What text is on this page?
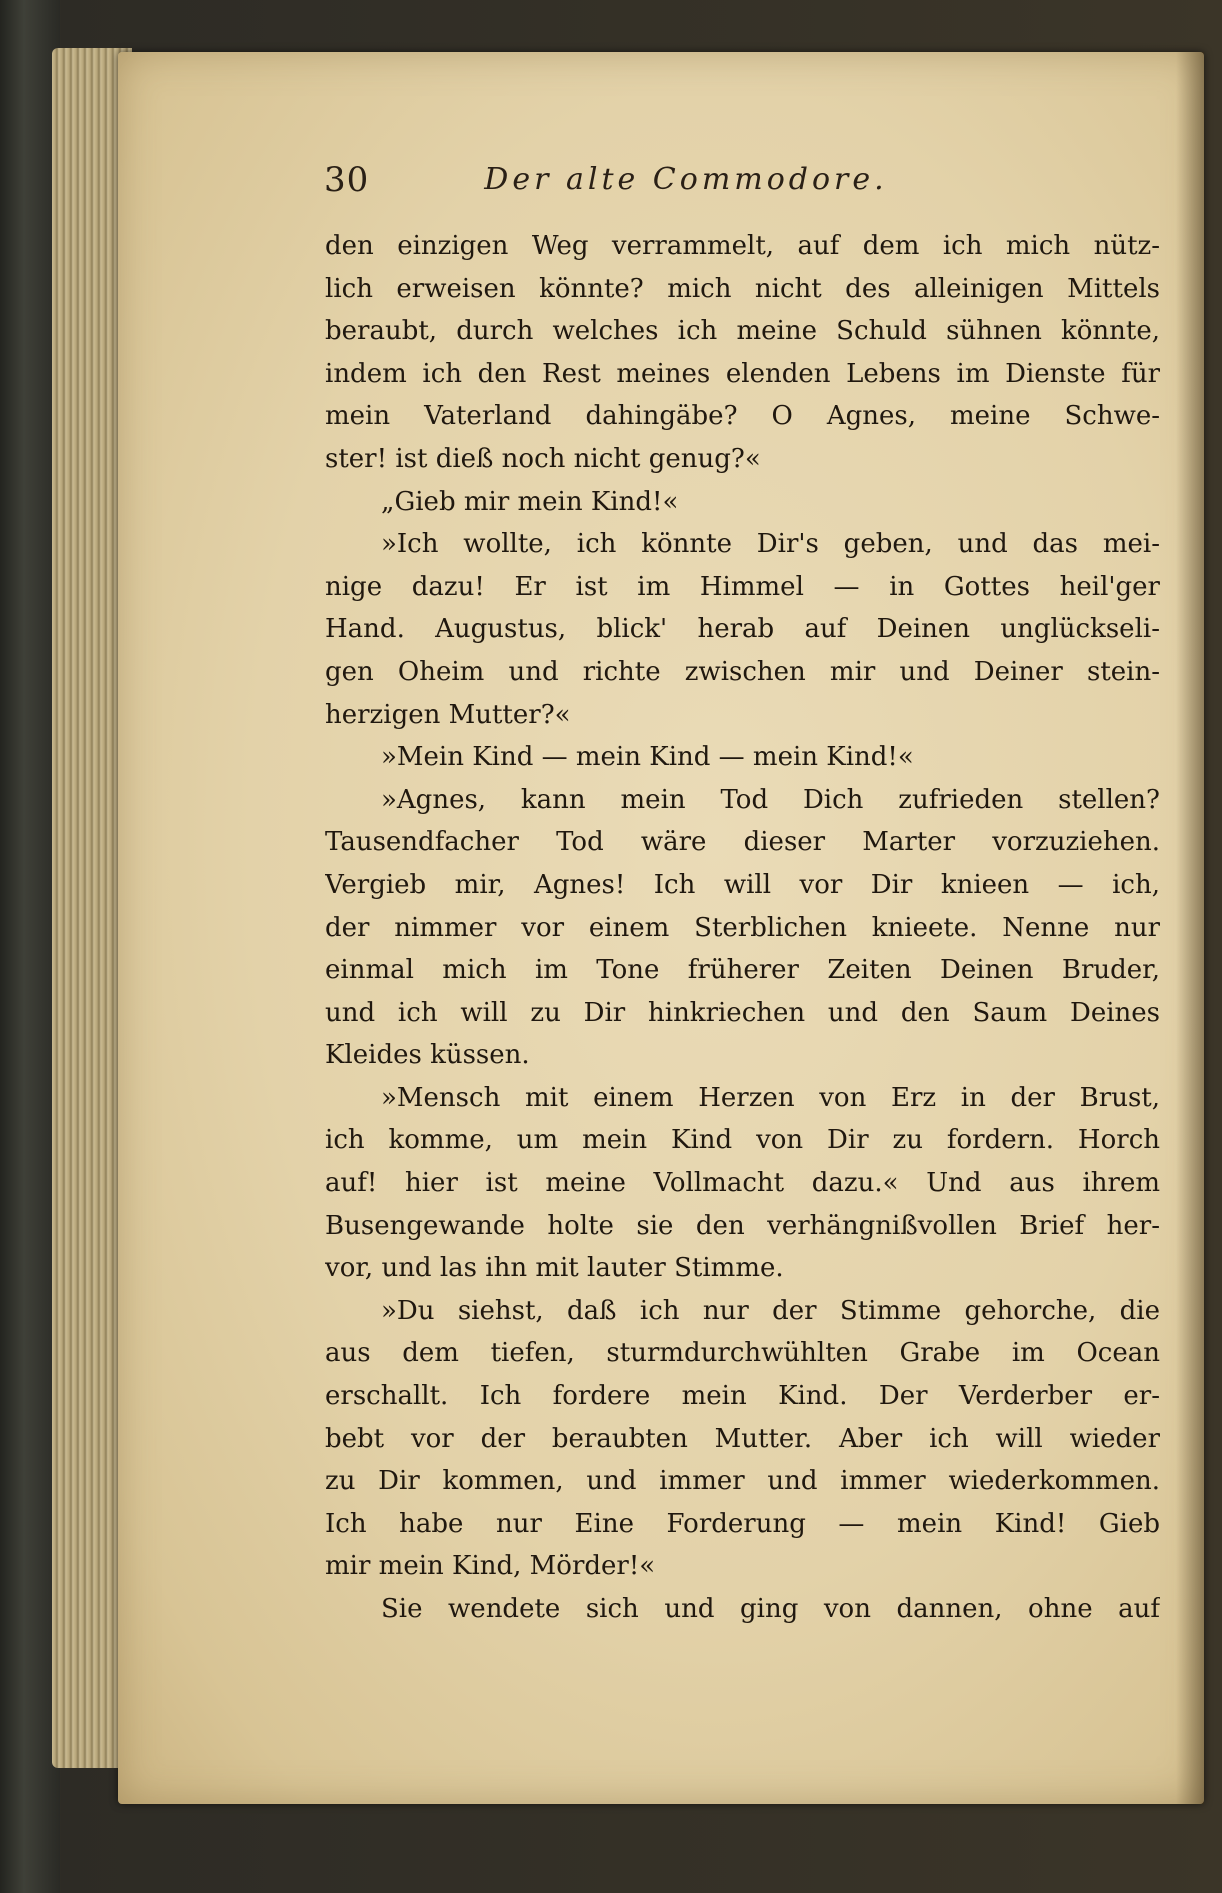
30	Der alte Commodore.
den einzigen Weg verrammelt, auf dem ich mich nütz-
lich erweisen könnte? mich nicht des alleinigen Mittels
beraubt, durch welches ich meine Schuld sühnen könnte,
indem ich den Rest meines elenden Lebens im Dienste für
mein Vaterland dahingäbe? O Agnes, meine Schwe-
ster! ist dieß noch nicht genug?«
„Gieb mir mein Kind!«
»Ich wollte, ich könnte Dir's geben, und das mei-
nige dazu! Er ist im Himmel — in Gottes heil'ger
Hand. Augustus, blick' herab auf Deinen unglückseli-
gen Oheim und richte zwischen mir und Deiner stein-
herzigen Mutter?«
»Mein Kind — mein Kind — mein Kind!«
»Agnes, kann mein Tod Dich zufrieden stellen?
Tausendfacher Tod wäre dieser Marter vorzuziehen.
Vergieb mir, Agnes! Ich will vor Dir knieen — ich,
der nimmer vor einem Sterblichen knieete. Nenne nur
einmal mich im Tone früherer Zeiten Deinen Bruder,
und ich will zu Dir hinkriechen und den Saum Deines
Kleides küssen.
»Mensch mit einem Herzen von Erz in der Brust,
ich komme, um mein Kind von Dir zu fordern. Horch
auf! hier ist meine Vollmacht dazu.« Und aus ihrem
Busengewande holte sie den verhängnißvollen Brief her-
vor, und las ihn mit lauter Stimme.
»Du siehst, daß ich nur der Stimme gehorche, die
aus dem tiefen, sturmdurchwühlten Grabe im Ocean
erschallt. Ich fordere mein Kind. Der Verderber er-
bebt vor der beraubten Mutter. Aber ich will wieder
zu Dir kommen, und immer und immer wiederkommen.
Ich habe nur Eine Forderung — mein Kind! Gieb
mir mein Kind, Mörder!«
Sie wendete sich und ging von dannen, ohne auf
